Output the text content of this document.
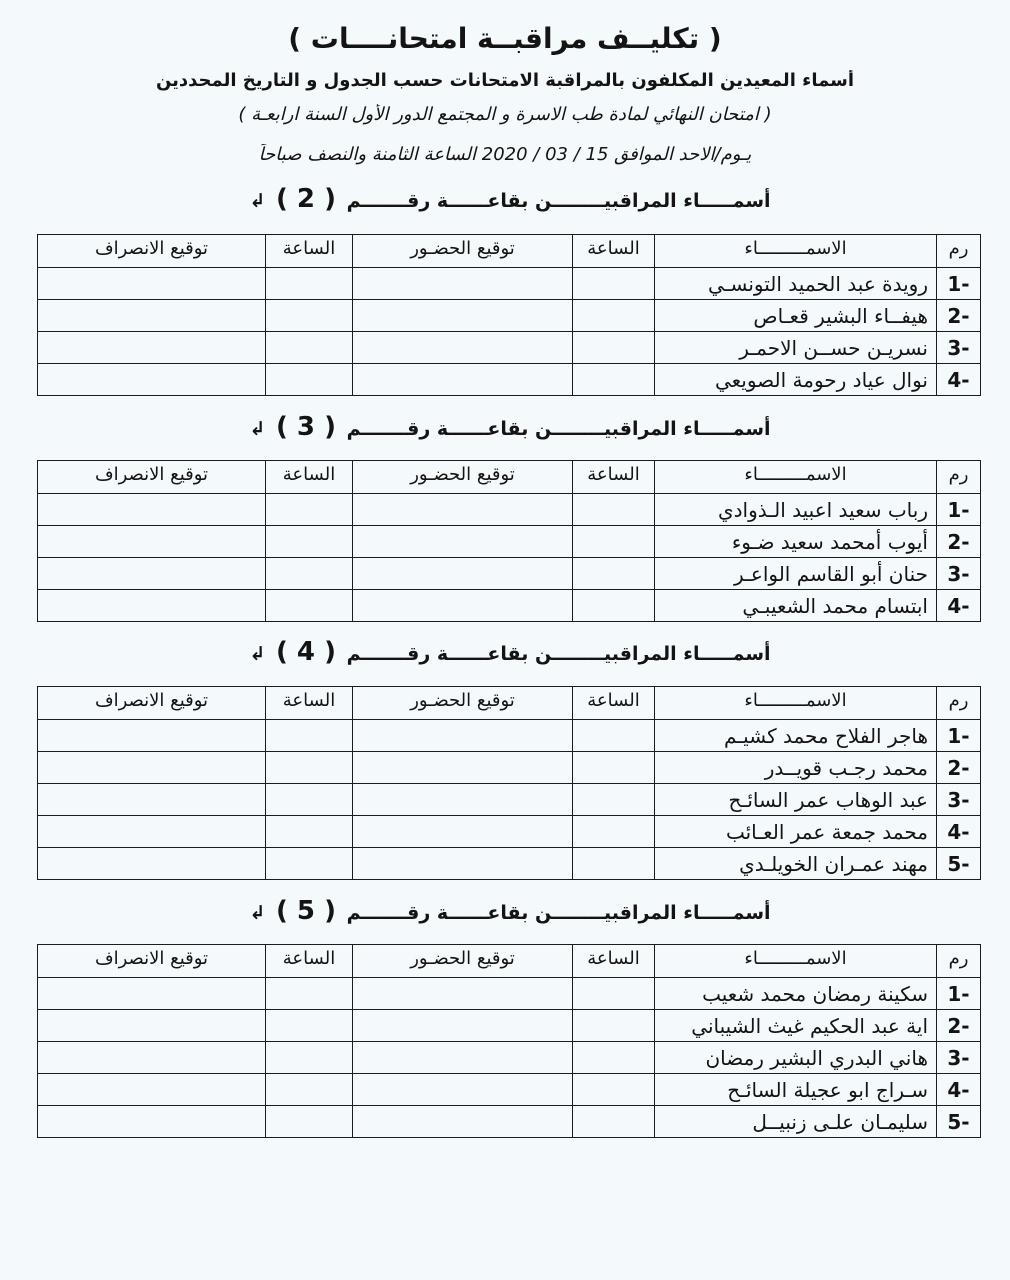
( تكليــف مراقبــة امتحانــــات )
أسماء المعيدين المكلفون بالمراقبة الامتحانات حسب الجدول و التاريخ المحددين
( امتحان النهائي لمادة طب الاسرة و المجتمع الدور الأول السنة ارابعـة )
يـوم/الاحد الموافق 15 / 03 / 2020 الساعة الثامنة والنصف صباحاً
أسمـــــاء المراقبيــــــــن بقاعــــــة رقـــــــم ( 2 ) ↲
رم	الاسمـــــــــاء	الساعة	توقيع الحضـور	الساعة	توقيع الانصراف
-1	رويدة عبد الحميد التونسـي				
-2	هيفــاء البشير قعـاص				
-3	نسريـن حســن الاحمـر				
-4	نوال عياد رحومة الصويعي				
أسمـــــاء المراقبيــــــــن بقاعــــــة رقـــــــم ( 3 ) ↲
رم	الاسمـــــــــاء	الساعة	توقيع الحضـور	الساعة	توقيع الانصراف
-1	رباب سعيد اعبيد الـذوادي				
-2	أيوب أمحمد سعيد ضـوء				
-3	حنان أبو القاسم الواعـر				
-4	ابتسام محمد الشعيبـي				
أسمـــــاء المراقبيــــــــن بقاعــــــة رقـــــــم ( 4 ) ↲
رم	الاسمـــــــــاء	الساعة	توقيع الحضـور	الساعة	توقيع الانصراف
-1	هاجر الفلاح محمد كشيـم				
-2	محمد رجـب قويــدر				
-3	عبد الوهاب عمر السائـح				
-4	محمد جمعة عمر العـائب				
-5	مهند عمـران الخويلـدي				
أسمـــــاء المراقبيــــــــن بقاعــــــة رقـــــــم ( 5 ) ↲
رم	الاسمـــــــــاء	الساعة	توقيع الحضـور	الساعة	توقيع الانصراف
-1	سكينة رمضان محمد شعيب				
-2	اية عبد الحكيم غيث الشيباني				
-3	هاني البدري البشير رمضان				
-4	سـراج ابو عجيلة السائـح				
-5	سليمـان علـى زنبيــل				
